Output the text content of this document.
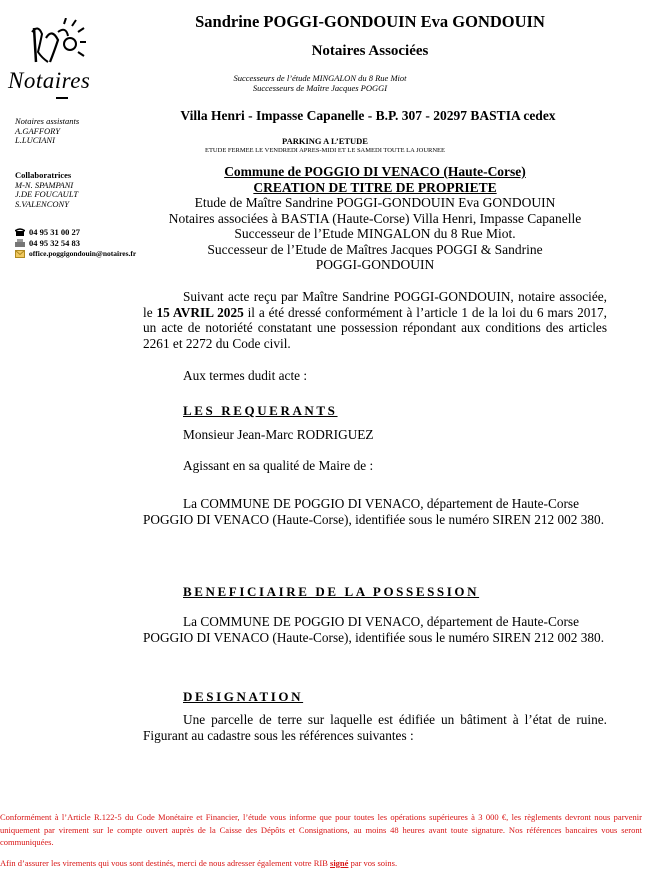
Sandrine POGGI-GONDOUIN Eva GONDOUIN
Notaires Associées
Successeurs de l’étude MINGALON du 8 Rue Miot
Successeurs de Maître Jacques POGGI
Villa Henri - Impasse Capanelle - B.P. 307 - 20297 BASTIA cedex
PARKING A L’ETUDE
ETUDE FERMEE LE VENDREDI APRES-MIDI ET LE SAMEDI TOUTE LA JOURNEE
Notaires
Notaires assistants
A.GAFFORY
L.LUCIANI
Collaboratrices
M-N. SPAMPANI
J.DE FOUCAULT
S.VALENCONY
04 95 31 00 27
04 95 32 54 83
office.poggigondouin@notaires.fr
Commune de POGGIO DI VENACO (Haute-Corse)
CREATION DE TITRE DE PROPRIETE
Etude de Maître Sandrine POGGI-GONDOUIN Eva GONDOUIN
Notaires associées à BASTIA (Haute-Corse) Villa Henri, Impasse Capanelle
Successeur de l’Etude MINGALON du 8 Rue Miot.
Successeur de l’Etude de Maîtres Jacques POGGI & Sandrine POGGI-GONDOUIN
Suivant acte reçu par Maître Sandrine POGGI-GONDOUIN, notaire associée, le 15 AVRIL 2025 il a été dressé conformément à l’article 1 de la loi du 6 mars 2017, un acte de notoriété constatant une possession répondant aux conditions des articles 2261 et 2272 du Code civil.
Aux termes dudit acte :
LES REQUERANTS
Monsieur Jean-Marc RODRIGUEZ
Agissant en sa qualité de Maire de :
La COMMUNE DE POGGIO DI VENACO, département de Haute-Corse POGGIO DI VENACO (Haute-Corse), identifiée sous le numéro SIREN 212 002 380.
BENEFICIAIRE DE LA POSSESSION
La COMMUNE DE POGGIO DI VENACO, département de Haute-Corse POGGIO DI VENACO (Haute-Corse), identifiée sous le numéro SIREN 212 002 380.
DESIGNATION
Une parcelle de terre sur laquelle est édifiée un bâtiment à l’état de ruine. Figurant au cadastre sous les références suivantes :
Conformément à l’Article R.122-5 du Code Monétaire et Financier, l’étude vous informe que pour toutes les opérations supérieures à 3 000 €, les règlements devront nous parvenir uniquement par virement sur le compte ouvert auprès de la Caisse des Dépôts et Consignations, au moins 48 heures avant toute signature. Nos références bancaires vous seront communiquées.
Afin d’assurer les virements qui vous sont destinés, merci de nous adresser également votre RIB signé par vos soins.
